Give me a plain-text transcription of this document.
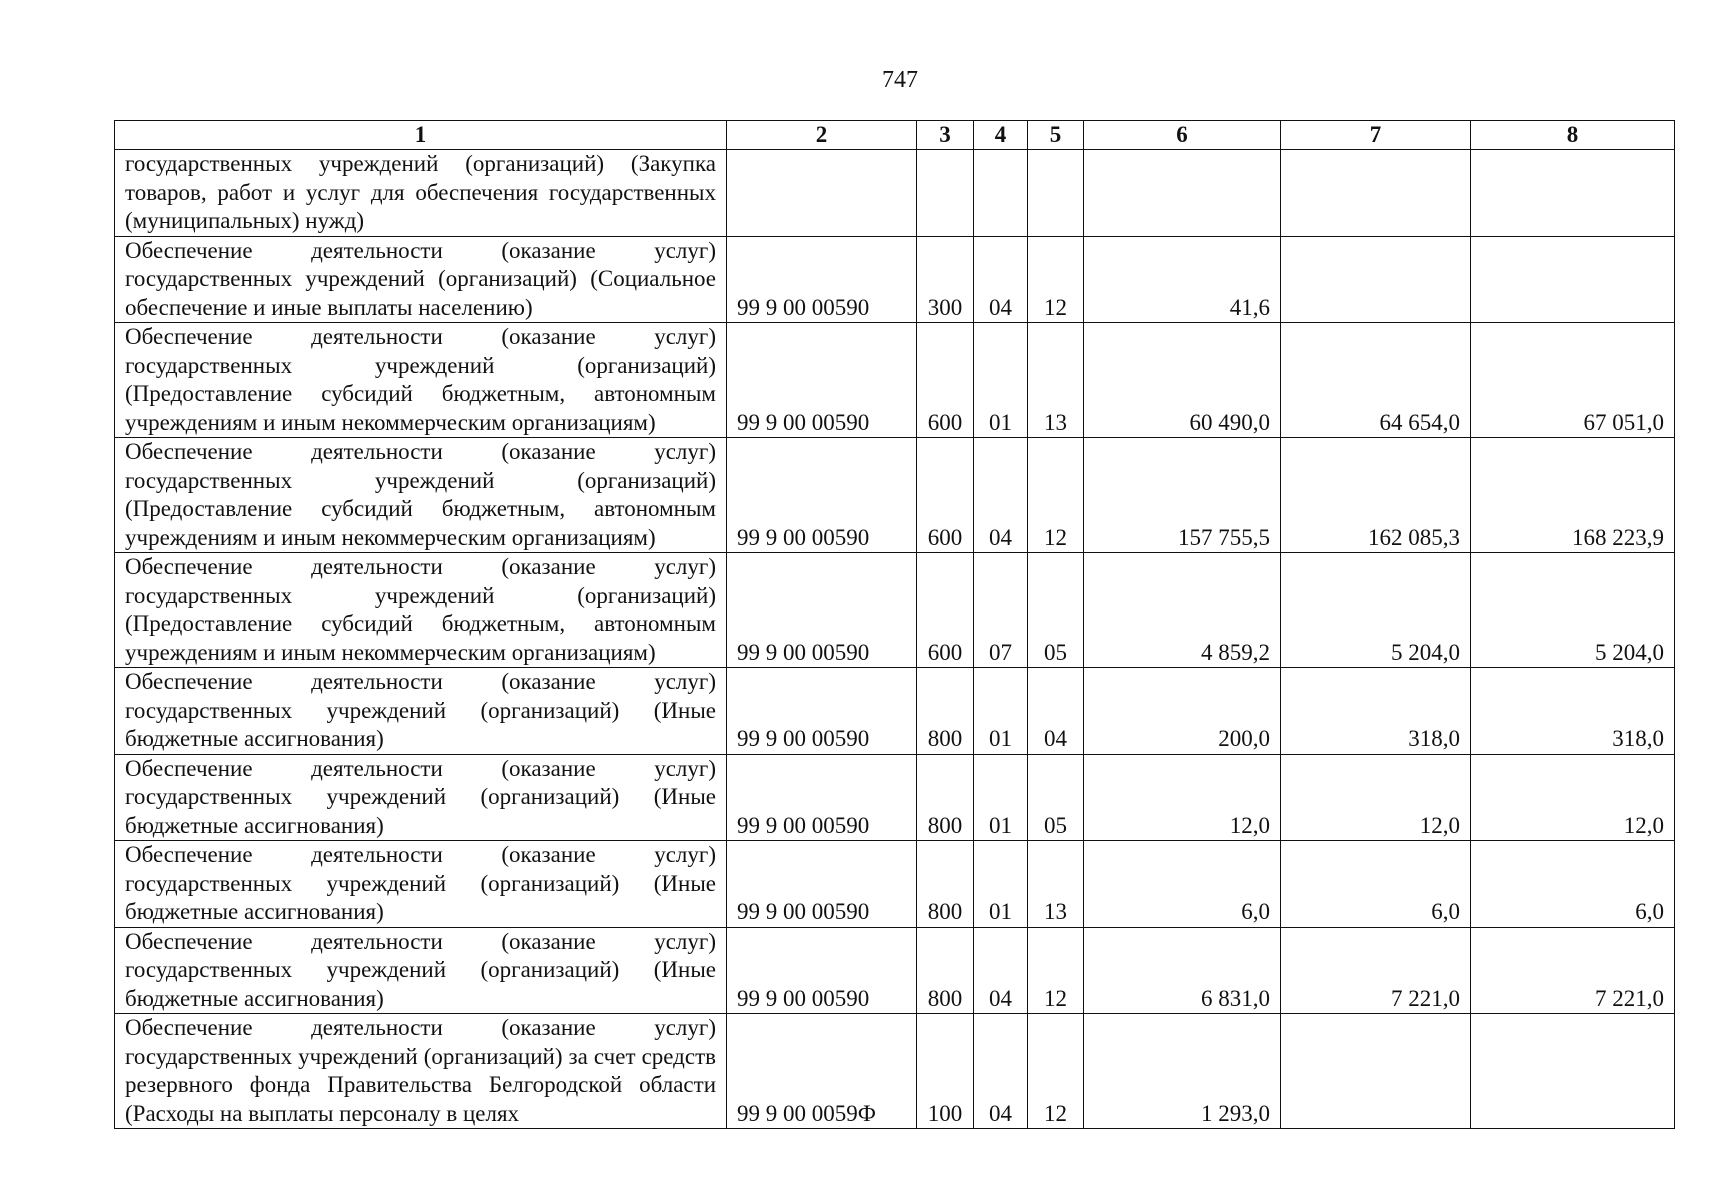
747
1	2	3	4	5	6	7	8
государственных учреждений (организаций) (Закупка товаров, работ и услуг для обеспечения государственных (муниципальных) нужд)							
Обеспечение деятельности (оказание услуг) государственных учреждений (организаций) (Социальное обеспечение и иные выплаты населению)	99 9 00 00590	300	04	12	41,6		
Обеспечение деятельности (оказание услуг) государственных учреждений (организаций) (Предоставление субсидий бюджетным, автономным учреждениям и иным некоммерческим организациям)	99 9 00 00590	600	01	13	60 490,0	64 654,0	67 051,0
Обеспечение деятельности (оказание услуг) государственных учреждений (организаций) (Предоставление субсидий бюджетным, автономным учреждениям и иным некоммерческим организациям)	99 9 00 00590	600	04	12	157 755,5	162 085,3	168 223,9
Обеспечение деятельности (оказание услуг) государственных учреждений (организаций) (Предоставление субсидий бюджетным, автономным учреждениям и иным некоммерческим организациям)	99 9 00 00590	600	07	05	4 859,2	5 204,0	5 204,0
Обеспечение деятельности (оказание услуг) государственных учреждений (организаций) (Иные бюджетные ассигнования)	99 9 00 00590	800	01	04	200,0	318,0	318,0
Обеспечение деятельности (оказание услуг) государственных учреждений (организаций) (Иные бюджетные ассигнования)	99 9 00 00590	800	01	05	12,0	12,0	12,0
Обеспечение деятельности (оказание услуг) государственных учреждений (организаций) (Иные бюджетные ассигнования)	99 9 00 00590	800	01	13	6,0	6,0	6,0
Обеспечение деятельности (оказание услуг) государственных учреждений (организаций) (Иные бюджетные ассигнования)	99 9 00 00590	800	04	12	6 831,0	7 221,0	7 221,0
Обеспечение деятельности (оказание услуг) государственных учреждений (организаций) за счет средств резервного фонда Правительства Белгородской области (Расходы на выплаты персоналу в целях	99 9 00 0059Ф	100	04	12	1 293,0		
